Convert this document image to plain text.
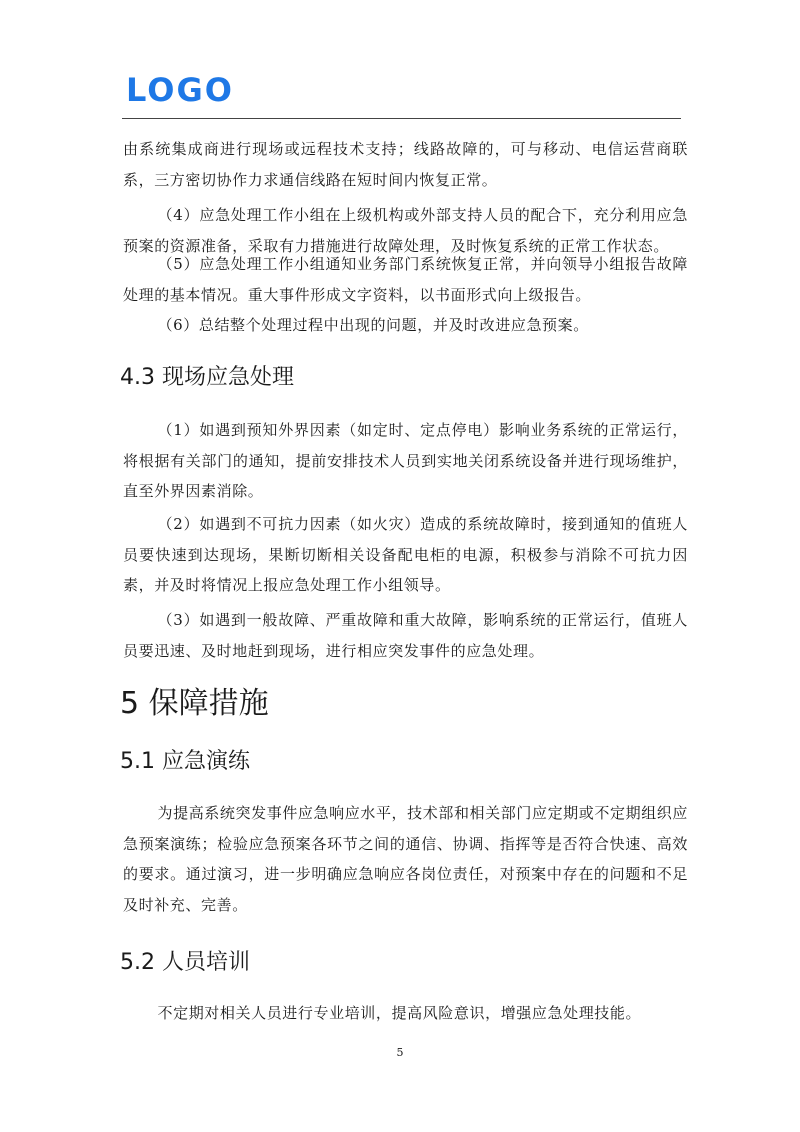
LOGO
由系统集成商进行现场或远程技术支持；线路故障的，可与移动、电信运营商联系，三方密切协作力求通信线路在短时间内恢复正常。
（4）应急处理工作小组在上级机构或外部支持人员的配合下，充分利用应急预案的资源准备，采取有力措施进行故障处理，及时恢复系统的正常工作状态。
（5）应急处理工作小组通知业务部门系统恢复正常，并向领导小组报告故障处理的基本情况。重大事件形成文字资料，以书面形式向上级报告。
（6）总结整个处理过程中出现的问题，并及时改进应急预案。
4.3 现场应急处理
（1）如遇到预知外界因素（如定时、定点停电）影响业务系统的正常运行，将根据有关部门的通知，提前安排技术人员到实地关闭系统设备并进行现场维护，直至外界因素消除。
（2）如遇到不可抗力因素（如火灾）造成的系统故障时，接到通知的值班人员要快速到达现场，果断切断相关设备配电柜的电源，积极参与消除不可抗力因素，并及时将情况上报应急处理工作小组领导。
（3）如遇到一般故障、严重故障和重大故障，影响系统的正常运行，值班人员要迅速、及时地赶到现场，进行相应突发事件的应急处理。
5 保障措施
5.1 应急演练
为提高系统突发事件应急响应水平，技术部和相关部门应定期或不定期组织应急预案演练；检验应急预案各环节之间的通信、协调、指挥等是否符合快速、高效的要求。通过演习，进一步明确应急响应各岗位责任，对预案中存在的问题和不足及时补充、完善。
5.2 人员培训
不定期对相关人员进行专业培训，提高风险意识，增强应急处理技能。
5
